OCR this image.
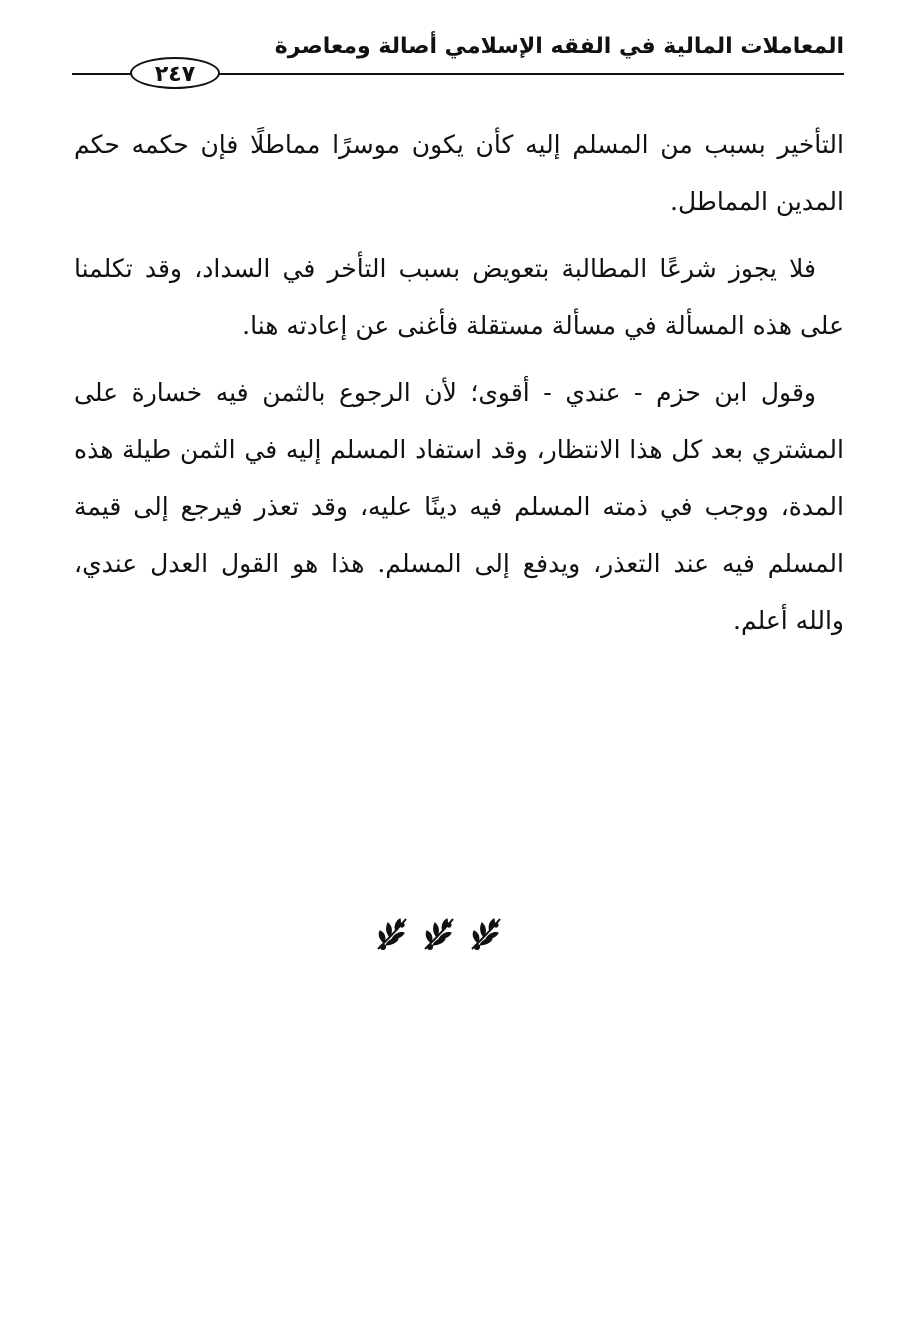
المعاملات المالية في الفقه الإسلامي أصالة ومعاصرة
٢٤٧

التأخير بسبب من المسلم إليه كأن يكون موسرًا مماطلًا فإن حكمه حكم المدين المماطل.

فلا يجوز شرعًا المطالبة بتعويض بسبب التأخر في السداد، وقد تكلمنا على هذه المسألة في مسألة مستقلة فأغنى عن إعادته هنا.

وقول ابن حزم - عندي - أقوى؛ لأن الرجوع بالثمن فيه خسارة على المشتري بعد كل هذا الانتظار، وقد استفاد المسلم إليه في الثمن طيلة هذه المدة، ووجب في ذمته المسلم فيه دينًا عليه، وقد تعذر فيرجع إلى قيمة المسلم فيه عند التعذر، ويدفع إلى المسلم. هذا هو القول العدل عندي، والله أعلم.
